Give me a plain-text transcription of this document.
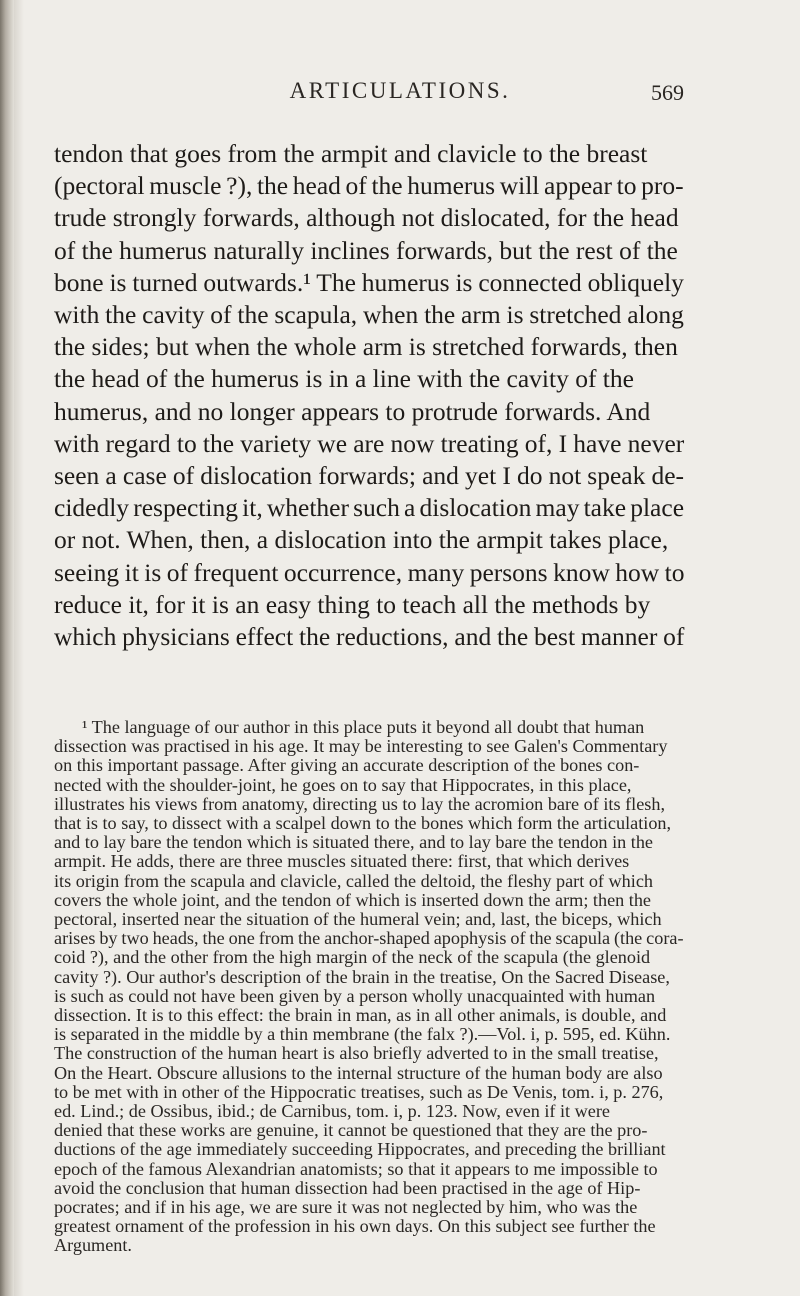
ARTICULATIONS.	569
tendon that goes from the armpit and clavicle to the breast
(pectoral muscle ?), the head of the humerus will appear to pro-
trude strongly forwards, although not dislocated, for the head
of the humerus naturally inclines forwards, but the rest of the
bone is turned outwards.¹ The humerus is connected obliquely
with the cavity of the scapula, when the arm is stretched along
the sides; but when the whole arm is stretched forwards, then
the head of the humerus is in a line with the cavity of the
humerus, and no longer appears to protrude forwards. And
with regard to the variety we are now treating of, I have never
seen a case of dislocation forwards; and yet I do not speak de-
cidedly respecting it, whether such a dislocation may take place
or not. When, then, a dislocation into the armpit takes place,
seeing it is of frequent occurrence, many persons know how to
reduce it, for it is an easy thing to teach all the methods by
which physicians effect the reductions, and the best manner of
¹ The language of our author in this place puts it beyond all doubt that human
dissection was practised in his age. It may be interesting to see Galen's Commentary
on this important passage. After giving an accurate description of the bones con-
nected with the shoulder-joint, he goes on to say that Hippocrates, in this place,
illustrates his views from anatomy, directing us to lay the acromion bare of its flesh,
that is to say, to dissect with a scalpel down to the bones which form the articulation,
and to lay bare the tendon which is situated there, and to lay bare the tendon in the
armpit. He adds, there are three muscles situated there: first, that which derives
its origin from the scapula and clavicle, called the deltoid, the fleshy part of which
covers the whole joint, and the tendon of which is inserted down the arm; then the
pectoral, inserted near the situation of the humeral vein; and, last, the biceps, which
arises by two heads, the one from the anchor-shaped apophysis of the scapula (the cora-
coid ?), and the other from the high margin of the neck of the scapula (the glenoid
cavity ?). Our author's description of the brain in the treatise, On the Sacred Disease,
is such as could not have been given by a person wholly unacquainted with human
dissection. It is to this effect: the brain in man, as in all other animals, is double, and
is separated in the middle by a thin membrane (the falx ?).—Vol. i, p. 595, ed. Kühn.
The construction of the human heart is also briefly adverted to in the small treatise,
On the Heart. Obscure allusions to the internal structure of the human body are also
to be met with in other of the Hippocratic treatises, such as De Venis, tom. i, p. 276,
ed. Lind.; de Ossibus, ibid.; de Carnibus, tom. i, p. 123. Now, even if it were
denied that these works are genuine, it cannot be questioned that they are the pro-
ductions of the age immediately succeeding Hippocrates, and preceding the brilliant
epoch of the famous Alexandrian anatomists; so that it appears to me impossible to
avoid the conclusion that human dissection had been practised in the age of Hip-
pocrates; and if in his age, we are sure it was not neglected by him, who was the
greatest ornament of the profession in his own days. On this subject see further the
Argument.
